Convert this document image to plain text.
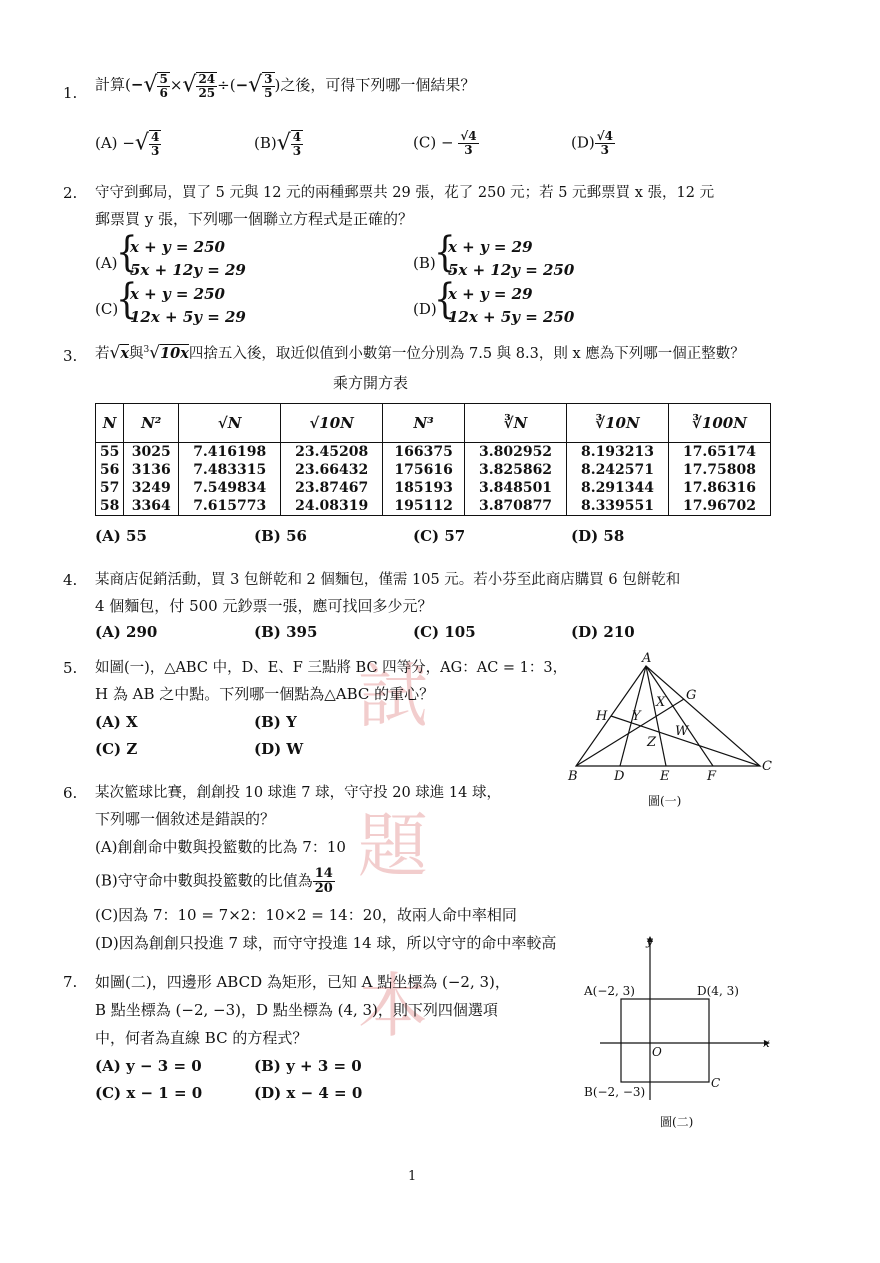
試
題
本
1. 計算(−√ $\frac{5}{6}$ ×√ $\frac{24}{25}$ ÷(−√ $\frac{3}{5}$ )之後，可得下列哪一個結果？
(A) −√ $\frac{4}{3}$	$(B)√ \frac{4}{3}$	$(C) - \frac{√4}{3}$	$(D) \frac{√4}{3}$
2. 守守到郵局，買了 5 元與 12 元的兩種郵票共 29 張，花了 250 元；若 5 元郵票買 x 張，12 元
郵票買 y 張，下列哪一個聯立方程式是正確的？
(A)
{
x + y = 250
5x + 12y = 29	(B)
{
x + y = 29
5x + 12y = 250
(C)
{
x + y = 250
12x + 5y = 29	(D)
{
x + y = 29
12x + 5y = 250
3. 若√x與$^3$√10x四捨五入後，取近似值到小數第一位分別為 7.5 與 8.3，則 x 應為下列哪一個正整數？
乘方開方表
N	N²	√N	√10N	N³	∛N	∛10N	∛100N
55	3025	7.416198	23.45208	166375	3.802952	8.193213	17.65174
56	3136	7.483315	23.66432	175616	3.825862	8.242571	17.75808
57	3249	7.549834	23.87467	185193	3.848501	8.291344	17.86316
58	3364	7.615773	24.08319	195112	3.870877	8.339551	17.96702
(A) 55	(B) 56	(C) 57	(D) 58
4. 某商店促銷活動，買 3 包餅乾和 2 個麵包，僅需 105 元。若小芬至此商店購買 6 包餅乾和
4 個麵包，付 500 元鈔票一張，應可找回多少元？
(A) 290	(B) 395	(C) 105	(D) 210
5. 如圖(一)，△ABC 中，D、E、F 三點將 BC 四等分，AG：AC = 1：3，
H 為 AB 之中點。下列哪一個點為△ABC 的重心？
(A) X	(B) Y
(C) Z	(D) W
A
B
C
D	E	F
G
H
X
Y
Z
W
圖(一)
6. 某次籃球比賽，創創投 10 球進 7 球，守守投 20 球進 14 球，
下列哪一個敘述是錯誤的？
(A)創創命中數與投籃數的比為 7：10
(B)守守命中數與投籃數的比值為 $\frac{14}{20}$
(C)因為 7：10 = 7×2：10×2 = 14：20，故兩人命中率相同
(D)因為創創只投進 7 球，而守守投進 14 球，所以守守的命中率較高
7. 如圖(二)，四邊形 ABCD 為矩形，已知 A 點坐標為 (−2, 3)，
B 點坐標為 (−2, −3)，D 點坐標為 (4, 3)，則下列四個選項
中，何者為直線 BC 的方程式？
(A) y − 3 = 0	(B) y + 3 = 0
(C) x − 1 = 0	(D) x − 4 = 0
x
y
A(−2, 3)	D(4, 3)
B(−2, −3)
C
O
圖(二)
1
